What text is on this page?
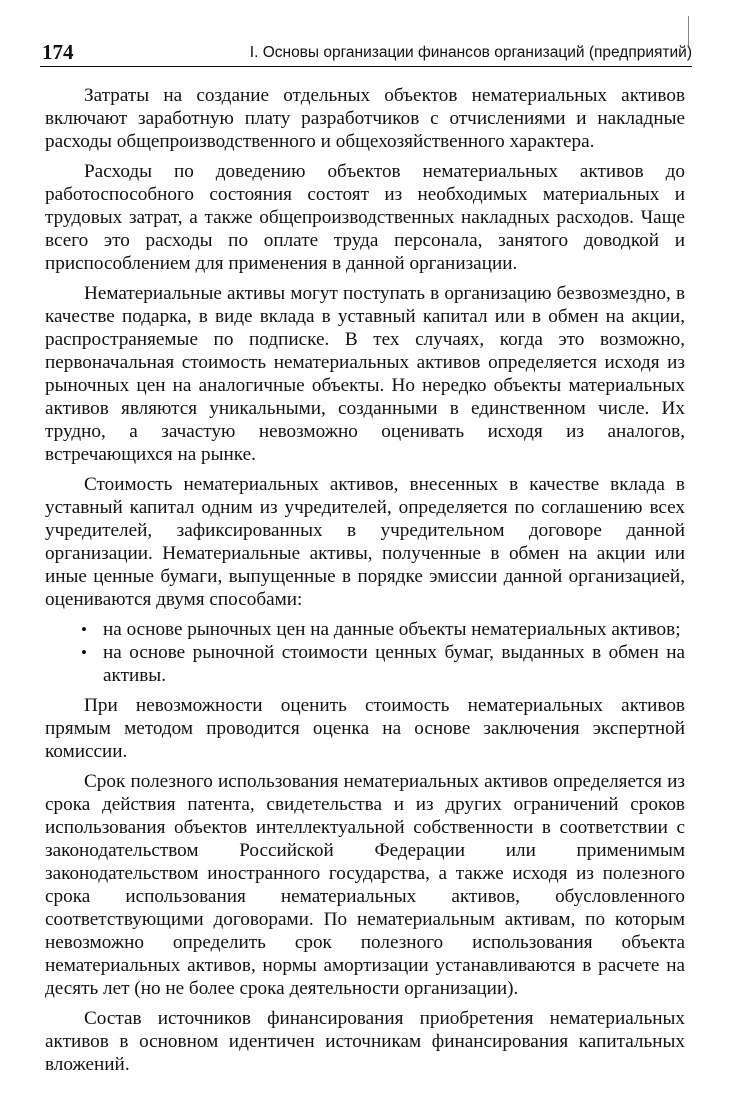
174	I. Основы организации финансов организаций (предприятий)

Затраты на создание отдельных объектов нематериальных активов включают заработную плату разработчиков с отчислениями и накладные расходы общепроизводственного и общехозяйственного характера.

Расходы по доведению объектов нематериальных активов до работоспособного состояния состоят из необходимых материальных и трудовых затрат, а также общепроизводственных накладных расходов. Чаще всего это расходы по оплате труда персонала, занятого доводкой и приспособлением для применения в данной организации.

Нематериальные активы могут поступать в организацию безвозмездно, в качестве подарка, в виде вклада в уставный капитал или в обмен на акции, распространяемые по подписке. В тех случаях, когда это возможно, первоначальная стоимость нематериальных активов определяется исходя из рыночных цен на аналогичные объекты. Но нередко объекты материальных активов являются уникальными, созданными в единственном числе. Их трудно, а зачастую невозможно оценивать исходя из аналогов, встречающихся на рынке.

Стоимость нематериальных активов, внесенных в качестве вклада в уставный капитал одним из учредителей, определяется по соглашению всех учредителей, зафиксированных в учредительном договоре данной организации. Нематериальные активы, полученные в обмен на акции или иные ценные бумаги, выпущенные в порядке эмиссии данной организацией, оцениваются двумя способами:

• на основе рыночных цен на данные объекты нематериальных активов;
• на основе рыночной стоимости ценных бумаг, выданных в обмен на активы.

При невозможности оценить стоимость нематериальных активов прямым методом проводится оценка на основе заключения экспертной комиссии.

Срок полезного использования нематериальных активов определяется из срока действия патента, свидетельства и из других ограничений сроков использования объектов интеллектуальной собственности в соответствии с законодательством Российской Федерации или применимым законодательством иностранного государства, а также исходя из полезного срока использования нематериальных активов, обусловленного соответствующими договорами. По нематериальным активам, по которым невозможно определить срок полезного использования объекта нематериальных активов, нормы амортизации устанавливаются в расчете на десять лет (но не более срока деятельности организации).

Состав источников финансирования приобретения нематериальных активов в основном идентичен источникам финансирования капитальных вложений.
